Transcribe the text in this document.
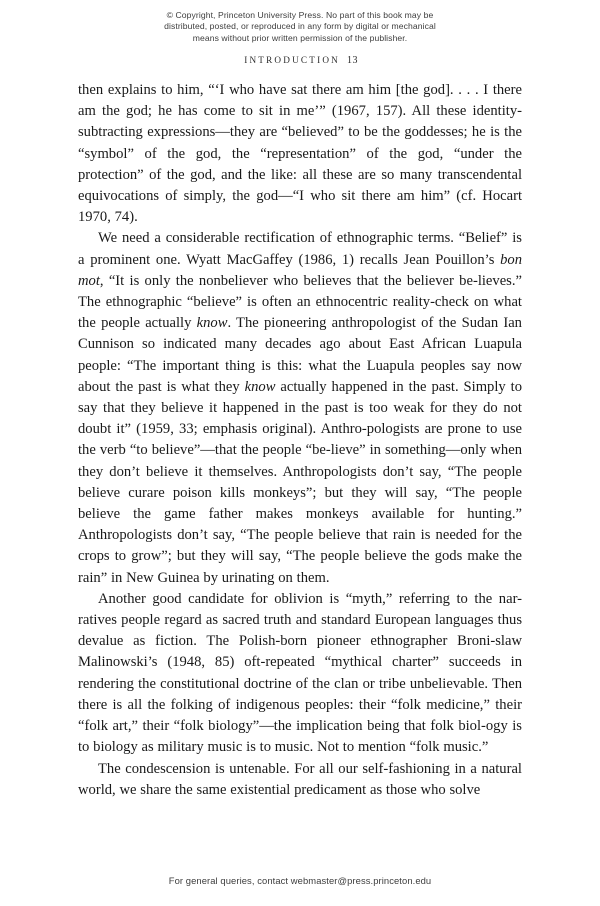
© Copyright, Princeton University Press. No part of this book may be
distributed, posted, or reproduced in any form by digital or mechanical
means without prior written permission of the publisher.
INTRODUCTION 13

then explains to him, “‘I who have sat there am him [the god]. . . . I there am the god; he has come to sit in me’” (1967, 157). All these identity-subtracting expressions—they are “believed” to be the goddesses; he is the “symbol” of the god, the “representation” of the god, “under the protection” of the god, and the like: all these are so many transcendental equivocations of simply, the god—“I who sit there am him” (cf. Hocart 1970, 74).

We need a considerable rectification of ethnographic terms. “Belief” is a prominent one. Wyatt MacGaffey (1986, 1) recalls Jean Pouillon’s bon mot, “It is only the nonbeliever who believes that the believer be-lieves.” The ethnographic “believe” is often an ethnocentric reality-check on what the people actually know. The pioneering anthropologist of the Sudan Ian Cunnison so indicated many decades ago about East African Luapula people: “The important thing is this: what the Luapula peoples say now about the past is what they know actually happened in the past. Simply to say that they believe it happened in the past is too weak for they do not doubt it” (1959, 33; emphasis original). Anthro-pologists are prone to use the verb “to believe”—that the people “be-lieve” in something—only when they don’t believe it themselves. Anthropologists don’t say, “The people believe curare poison kills monkeys”; but they will say, “The people believe the game father makes monkeys available for hunting.” Anthropologists don’t say, “The people believe that rain is needed for the crops to grow”; but they will say, “The people believe the gods make the rain” in New Guinea by urinating on them.

Another good candidate for oblivion is “myth,” referring to the nar-ratives people regard as sacred truth and standard European languages thus devalue as fiction. The Polish-born pioneer ethnographer Broni-slaw Malinowski’s (1948, 85) oft-repeated “mythical charter” succeeds in rendering the constitutional doctrine of the clan or tribe unbelievable. Then there is all the folking of indigenous peoples: their “folk medicine,” their “folk art,” their “folk biology”—the implication being that folk biol-ogy is to biology as military music is to music. Not to mention “folk music.”

The condescension is untenable. For all our self-fashioning in a natural world, we share the same existential predicament as those who solve

For general queries, contact webmaster@press.princeton.edu
